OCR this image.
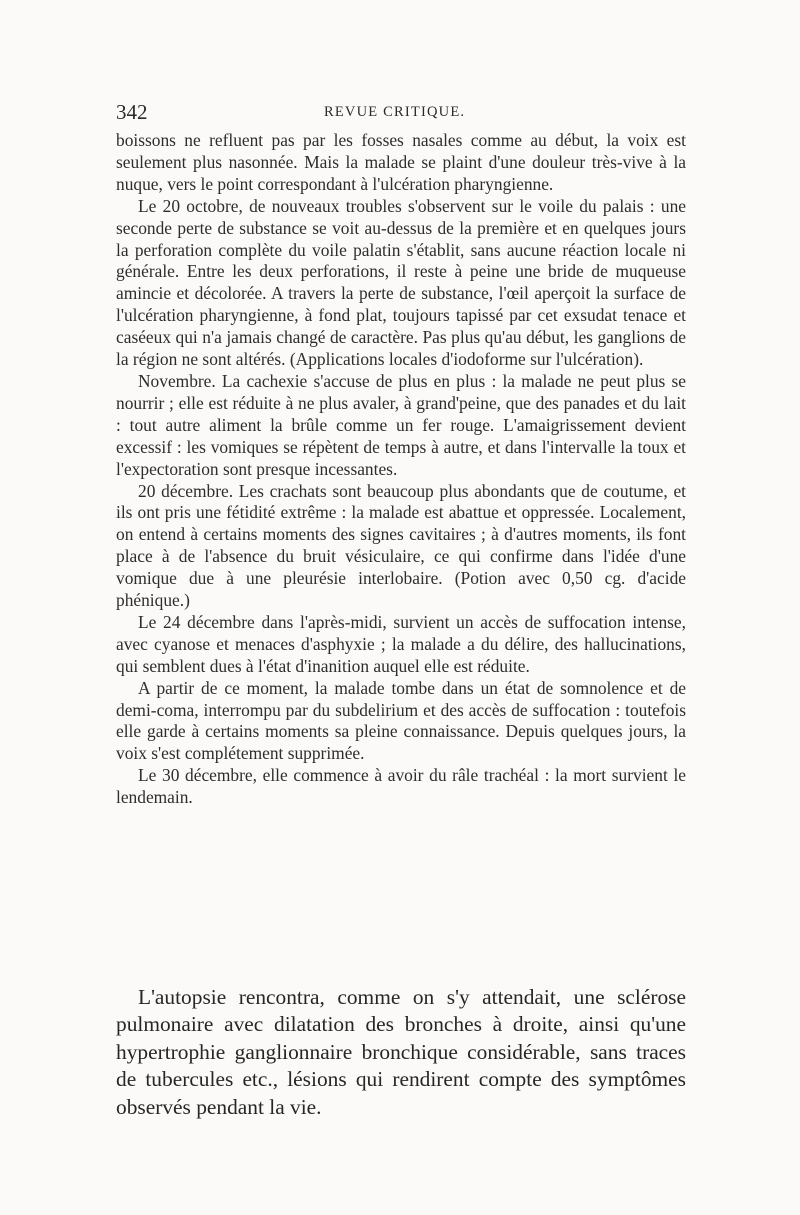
342	REVUE CRITIQUE.

boissons ne refluent pas par les fosses nasales comme au début, la voix est seulement plus nasonnée. Mais la malade se plaint d'une douleur très-vive à la nuque, vers le point correspondant à l'ulcération pharyngienne.

Le 20 octobre, de nouveaux troubles s'observent sur le voile du palais : une seconde perte de substance se voit au-dessus de la première et en quelques jours la perforation complète du voile palatin s'établit, sans aucune réaction locale ni générale. Entre les deux perforations, il reste à peine une bride de muqueuse amincie et décolorée. A travers la perte de substance, l'œil aperçoit la surface de l'ulcération pharyngienne, à fond plat, toujours tapissé par cet exsudat tenace et caséeux qui n'a jamais changé de caractère. Pas plus qu'au début, les ganglions de la région ne sont altérés. (Applications locales d'iodoforme sur l'ulcération).

Novembre. La cachexie s'accuse de plus en plus : la malade ne peut plus se nourrir ; elle est réduite à ne plus avaler, à grand'peine, que des panades et du lait : tout autre aliment la brûle comme un fer rouge. L'amaigrissement devient excessif : les vomiques se répètent de temps à autre, et dans l'intervalle la toux et l'expectoration sont presque incessantes.

20 décembre. Les crachats sont beaucoup plus abondants que de coutume, et ils ont pris une fétidité extrême : la malade est abattue et oppressée. Localement, on entend à certains moments des signes cavitaires ; à d'autres moments, ils font place à de l'absence du bruit vésiculaire, ce qui confirme dans l'idée d'une vomique due à une pleurésie interlobaire. (Potion avec 0,50 cg. d'acide phénique.)

Le 24 décembre dans l'après-midi, survient un accès de suffocation intense, avec cyanose et menaces d'asphyxie ; la malade a du délire, des hallucinations, qui semblent dues à l'état d'inanition auquel elle est réduite.

A partir de ce moment, la malade tombe dans un état de somnolence et de demi-coma, interrompu par du subdelirium et des accès de suffocation : toutefois elle garde à certains moments sa pleine connaissance. Depuis quelques jours, la voix s'est complétement supprimée.

Le 30 décembre, elle commence à avoir du râle trachéal : la mort survient le lendemain.

L'autopsie rencontra, comme on s'y attendait, une sclérose pulmonaire avec dilatation des bronches à droite, ainsi qu'une hypertrophie ganglionnaire bronchique considérable, sans traces de tubercules etc., lésions qui rendirent compte des symptômes observés pendant la vie.
